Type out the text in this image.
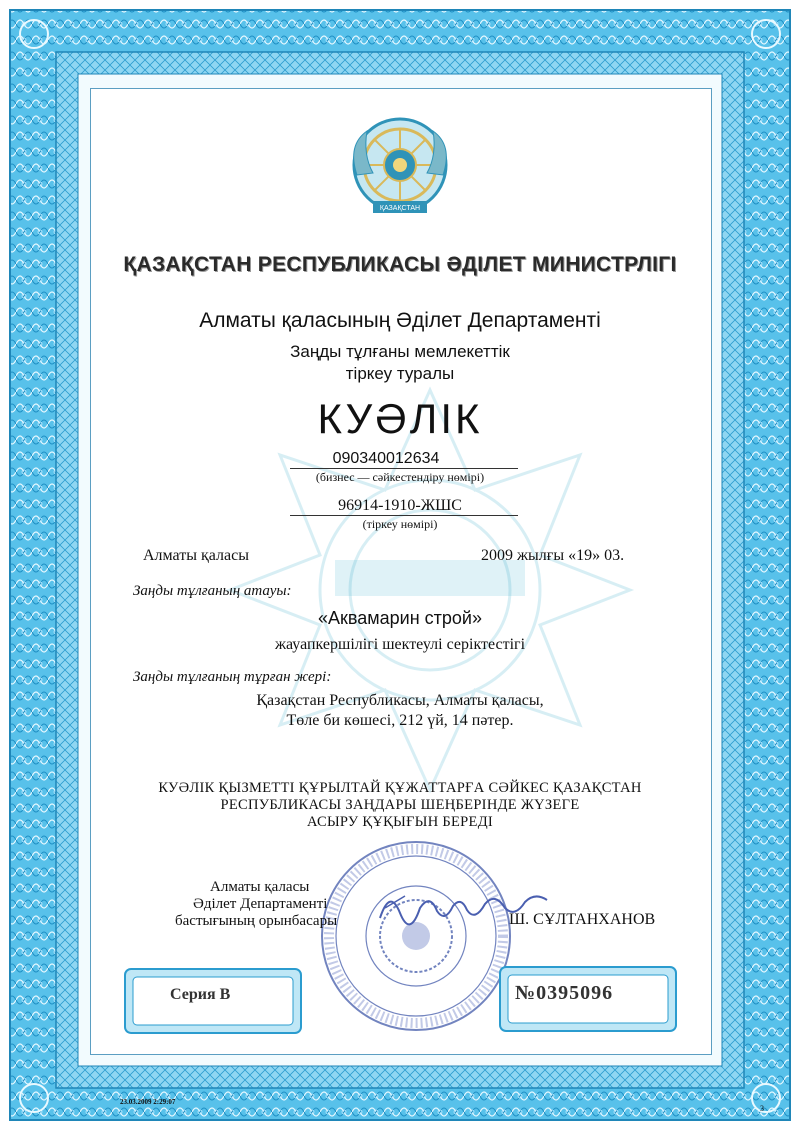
ҚАЗАҚСТАН
ҚАЗАҚСТАН РЕСПУБЛИКАСЫ ӘДІЛЕТ МИНИСТРЛІГІ
Алматы қаласының Әділет Департаменті
Заңды тұлғаны мемлекеттік
тіркеу туралы
КУӘЛІК
090340012634
(бизнес — сәйкестендіру нөмірі)
96914-1910-ЖШС
(тіркеу нөмірі)
Алматы қаласы	2009 жылғы «19» 03.
Заңды тұлғаның атауы:
«Аквамарин строй»
жауапкершілігі шектеулі серіктестігі
Заңды тұлғаның тұрған жері:
Қазақстан Республикасы, Алматы қаласы,
Төле би көшесі, 212 үй, 14 пәтер.
КУӘЛІК ҚЫЗМЕТТІ ҚҰРЫЛТАЙ ҚҰЖАТТАРҒА СӘЙКЕС ҚАЗАҚСТАН
РЕСПУБЛИКАСЫ ЗАҢДАРЫ ШЕҢБЕРІНДЕ ЖҮЗЕГЕ
АСЫРУ ҚҰҚЫҒЫН БЕРЕДІ
Алматы қаласы
Әділет Департаменті
бастығының орынбасары	Ш. СҰЛТАНХАНОВ
Серия В	№0395096
23.03.2009 2:29:07
3
